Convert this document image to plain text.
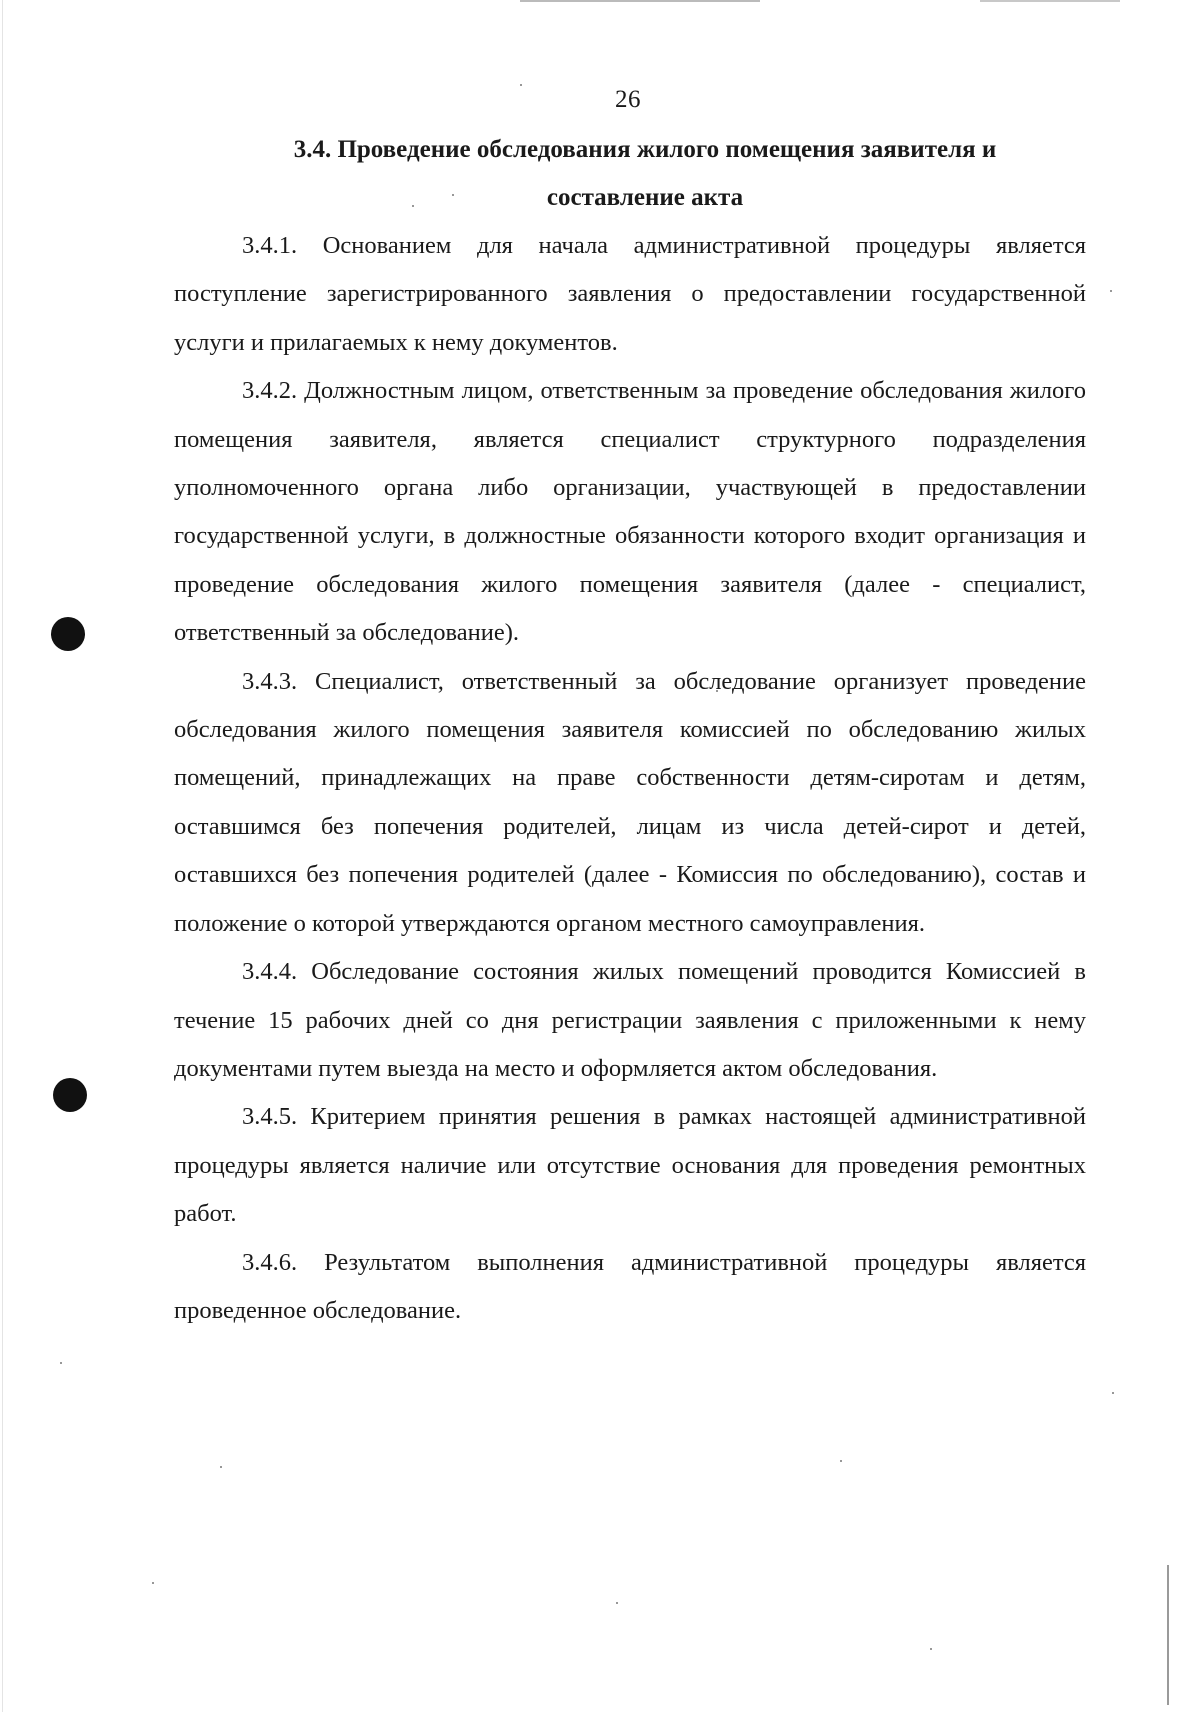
26
3.4. Проведение обследования жилого помещения заявителя и
составление акта

3.4.1. Основанием для начала административной процедуры является поступление зарегистрированного заявления о предоставлении государственной услуги и прилагаемых к нему документов.

3.4.2. Должностным лицом, ответственным за проведение обследования жилого помещения заявителя, является специалист структурного подразделения уполномоченного органа либо организации, участвующей в предоставлении государственной услуги, в должностные обязанности которого входит организация и проведение обследования жилого помещения заявителя (далее - специалист, ответственный за обследование).

3.4.3. Специалист, ответственный за обследование организует проведение обследования жилого помещения заявителя комиссией по обследованию жилых помещений, принадлежащих на праве собственности детям-сиротам и детям, оставшимся без попечения родителей, лицам из числа детей-сирот и детей, оставшихся без попечения родителей (далее - Комиссия по обследованию), состав и положение о которой утверждаются органом местного самоуправления.

3.4.4. Обследование состояния жилых помещений проводится Комиссией в течение 15 рабочих дней со дня регистрации заявления с приложенными к нему документами путем выезда на место и оформляется актом обследования.

3.4.5. Критерием принятия решения в рамках настоящей административной процедуры является наличие или отсутствие основания для проведения ремонтных работ.

3.4.6. Результатом выполнения административной процедуры является проведенное обследование.
